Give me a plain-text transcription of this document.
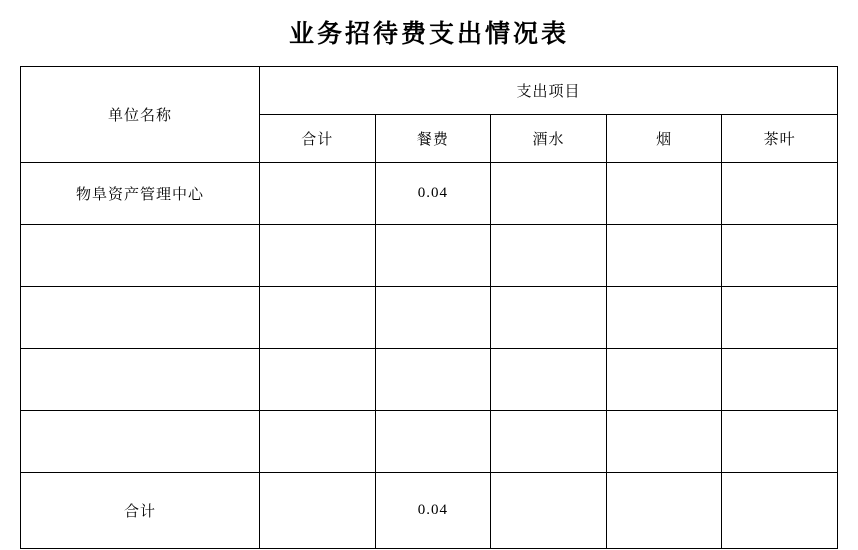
业务招待费支出情况表
单位名称	支出项目				
	合计	餐费	酒水	烟	茶叶
物阜资产管理中心		0.04			

合计		0.04			
